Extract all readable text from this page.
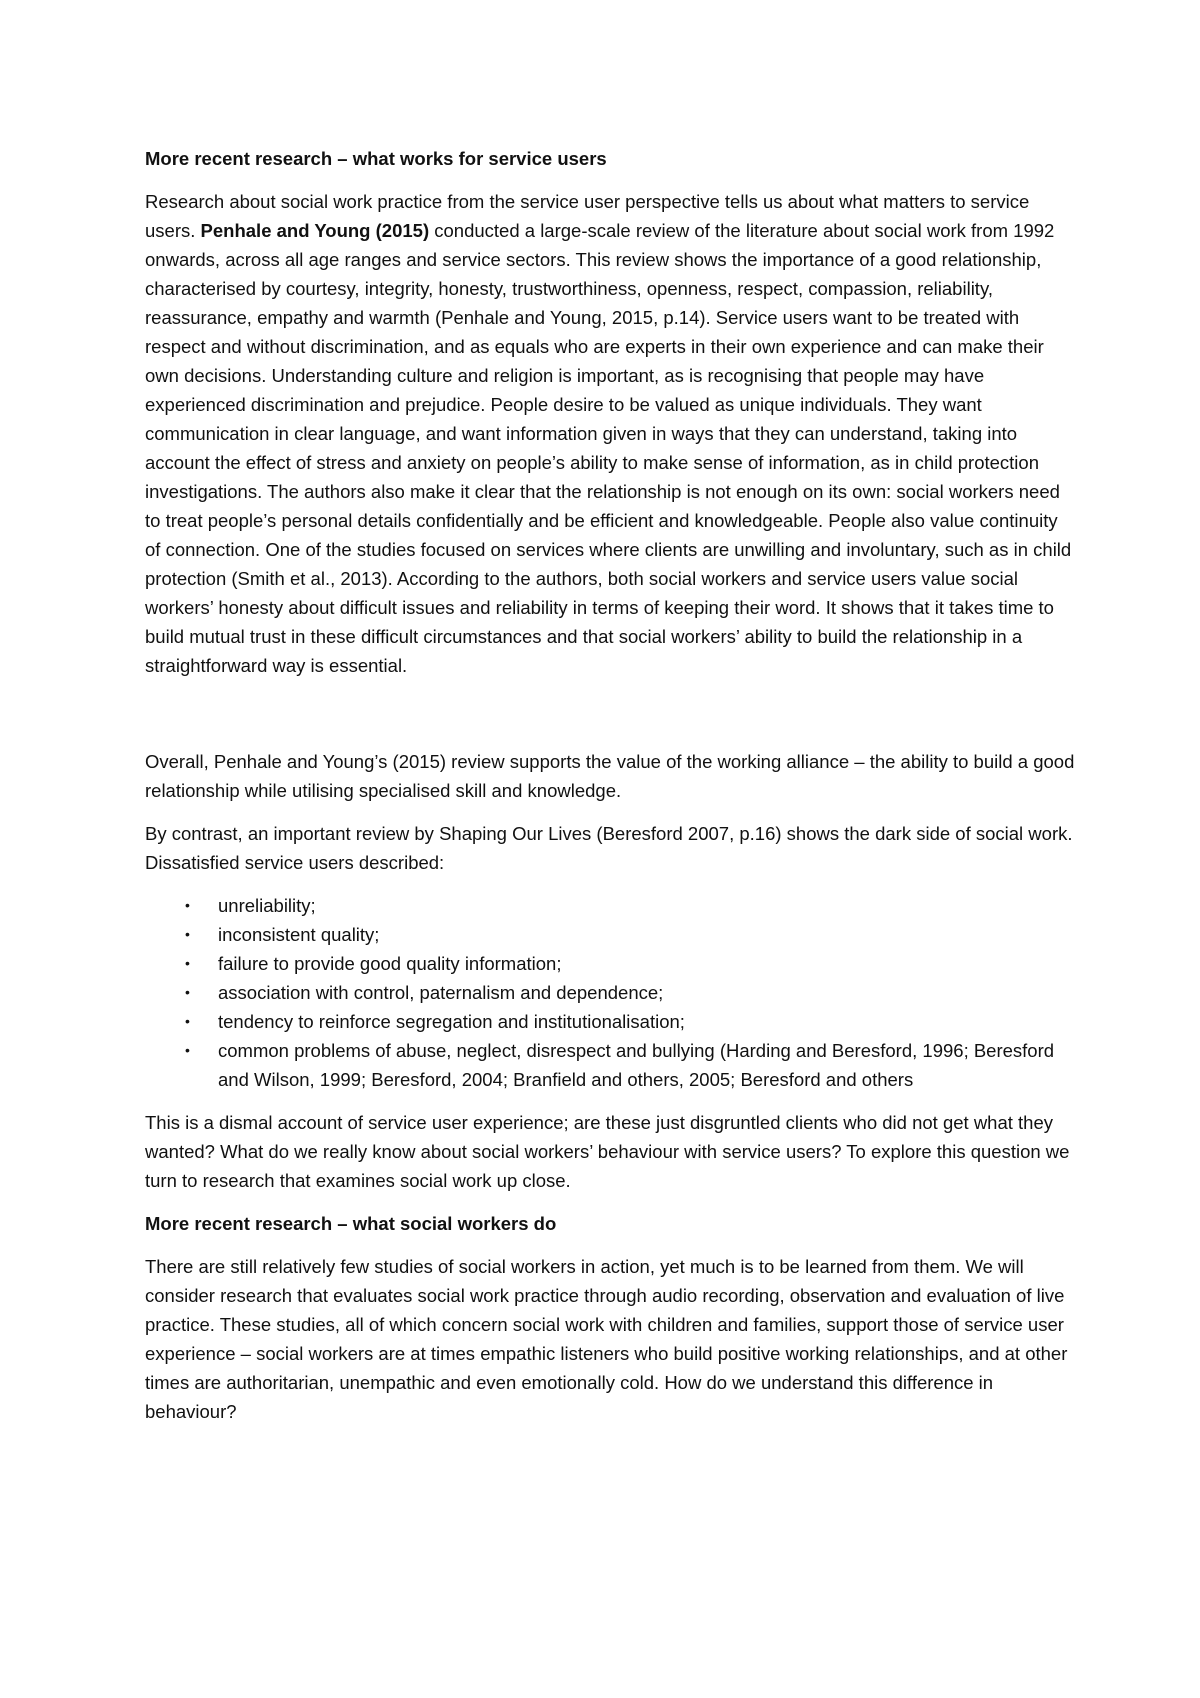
More recent research – what works for service users
Research about social work practice from the service user perspective tells us about what matters to service users. Penhale and Young (2015) conducted a large-scale review of the literature about social work from 1992 onwards, across all age ranges and service sectors. This review shows the importance of a good relationship, characterised by courtesy, integrity, honesty, trustworthiness, openness, respect, compassion, reliability, reassurance, empathy and warmth (Penhale and Young, 2015, p.14). Service users want to be treated with respect and without discrimination, and as equals who are experts in their own experience and can make their own decisions. Understanding culture and religion is important, as is recognising that people may have experienced discrimination and prejudice. People desire to be valued as unique individuals. They want communication in clear language, and want information given in ways that they can understand, taking into account the effect of stress and anxiety on people’s ability to make sense of information, as in child protection investigations. The authors also make it clear that the relationship is not enough on its own: social workers need to treat people’s personal details confidentially and be efficient and knowledgeable. People also value continuity of connection. One of the studies focused on services where clients are unwilling and involuntary, such as in child protection (Smith et al., 2013). According to the authors, both social workers and service users value social workers’ honesty about difficult issues and reliability in terms of keeping their word. It shows that it takes time to build mutual trust in these difficult circumstances and that social workers’ ability to build the relationship in a straightforward way is essential.
Overall, Penhale and Young’s (2015) review supports the value of the working alliance – the ability to build a good relationship while utilising specialised skill and knowledge.
By contrast, an important review by Shaping Our Lives (Beresford 2007, p.16) shows the dark side of social work. Dissatisfied service users described:
• unreliability;
• inconsistent quality;
• failure to provide good quality information;
• association with control, paternalism and dependence;
• tendency to reinforce segregation and institutionalisation;
• common problems of abuse, neglect, disrespect and bullying (Harding and Beresford, 1996; Beresford and Wilson, 1999; Beresford, 2004; Branfield and others, 2005; Beresford and others
This is a dismal account of service user experience; are these just disgruntled clients who did not get what they wanted? What do we really know about social workers’ behaviour with service users? To explore this question we turn to research that examines social work up close.
More recent research – what social workers do
There are still relatively few studies of social workers in action, yet much is to be learned from them. We will consider research that evaluates social work practice through audio recording, observation and evaluation of live practice. These studies, all of which concern social work with children and families, support those of service user experience – social workers are at times empathic listeners who build positive working relationships, and at other times are authoritarian, unempathic and even emotionally cold. How do we understand this difference in behaviour?
